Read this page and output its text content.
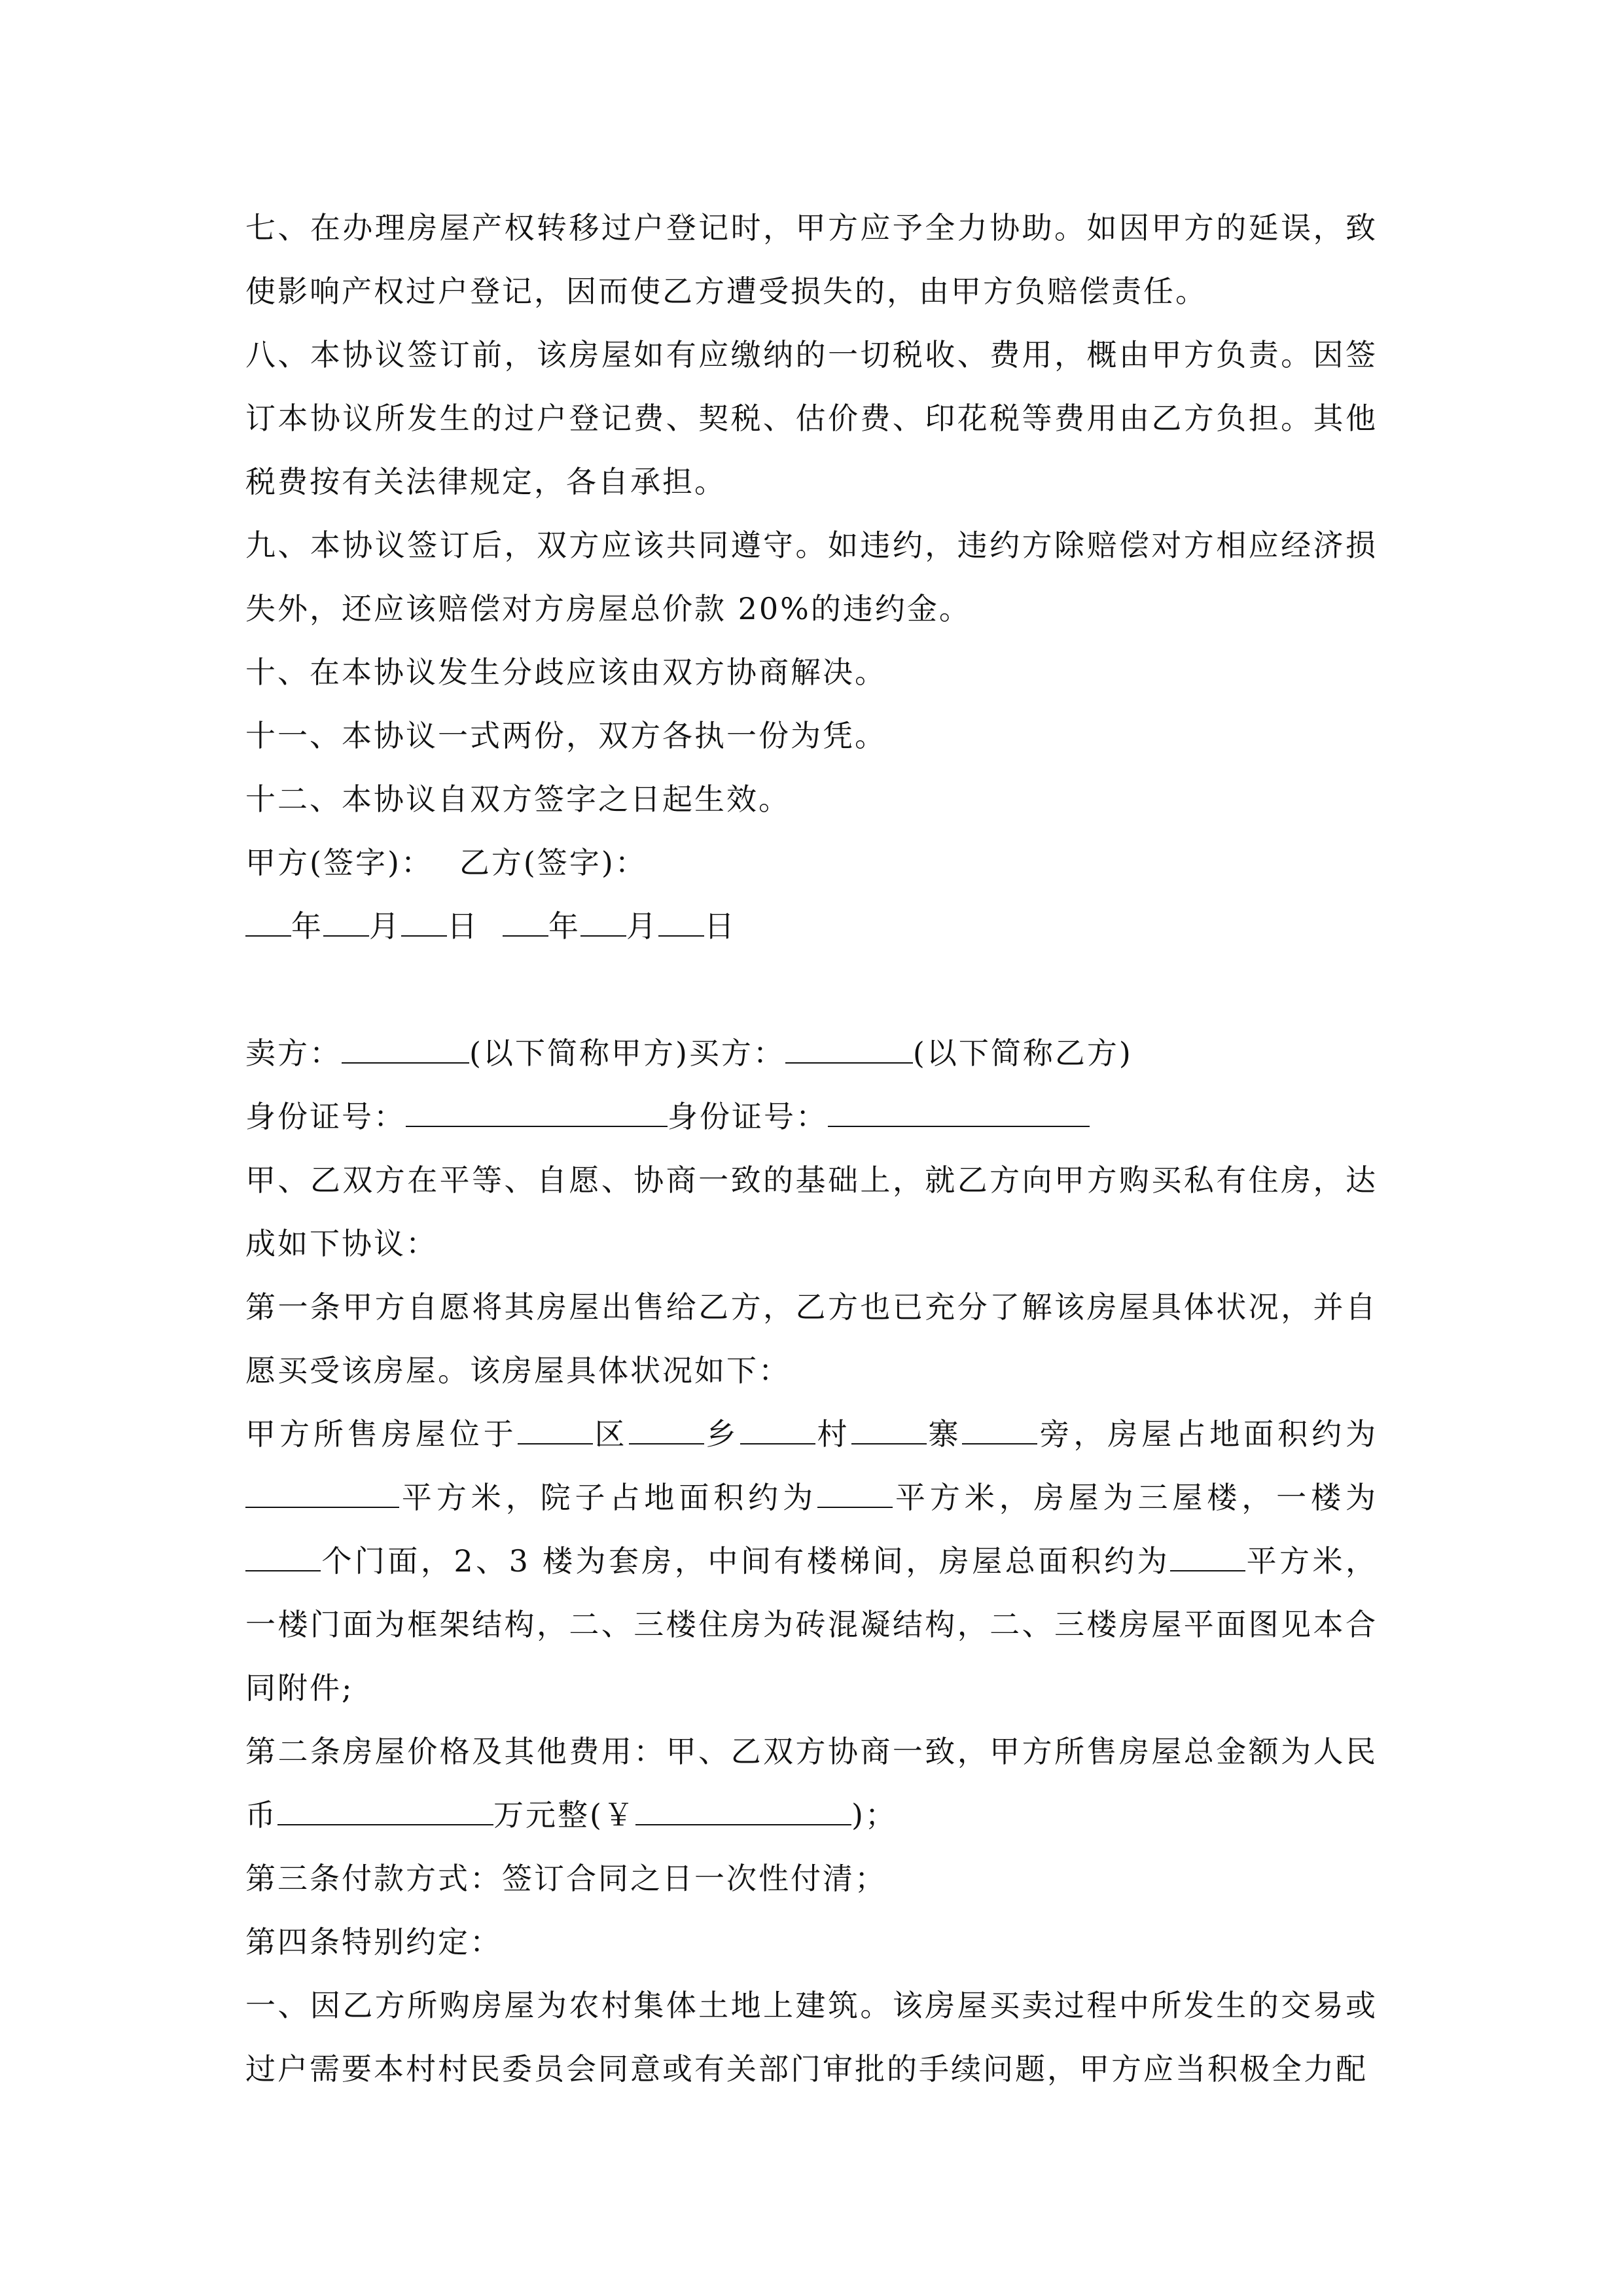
七、在办理房屋产权转移过户登记时，甲方应予全力协助。如因甲方的延误，致使影响产权过户登记，因而使乙方遭受损失的，由甲方负赔偿责任。

八、本协议签订前，该房屋如有应缴纳的一切税收、费用，概由甲方负责。因签订本协议所发生的过户登记费、契税、估价费、印花税等费用由乙方负担。其他税费按有关法律规定，各自承担。

九、本协议签订后，双方应该共同遵守。如违约，违约方除赔偿对方相应经济损失外，还应该赔偿对方房屋总价款 20%的违约金。

十、在本协议发生分歧应该由双方协商解决。

十一、本协议一式两份，双方各执一份为凭。

十二、本协议自双方签字之日起生效。

甲方(签字)： 乙方(签字)：

年 月 日 年 月 日

卖方：	(以下简称甲方)买方：	(以下简称乙方)

身份证号：	身份证号：

甲、乙双方在平等、自愿、协商一致的基础上，就乙方向甲方购买私有住房，达成如下协议：

第一条甲方自愿将其房屋出售给乙方，乙方也已充分了解该房屋具体状况，并自愿买受该房屋。该房屋具体状况如下：

甲方所售房屋位于	区	乡	村	寨	旁，房屋占地面积约为平方米，院子占地面积约为	平方米，房屋为三屋楼，一楼为个门面，2、3 楼为套房，中间有楼梯间，房屋总面积约为	平方米，一楼门面为框架结构，二、三楼住房为砖混凝结构，二、三楼房屋平面图见本合同附件;

第二条房屋价格及其他费用：甲、乙双方协商一致，甲方所售房屋总金额为人民币	万元整(￥	)；

第三条付款方式：签订合同之日一次性付清；

第四条特别约定：

一、因乙方所购房屋为农村集体土地上建筑。该房屋买卖过程中所发生的交易或过户需要本村村民委员会同意或有关部门审批的手续问题，甲方应当积极全力配
